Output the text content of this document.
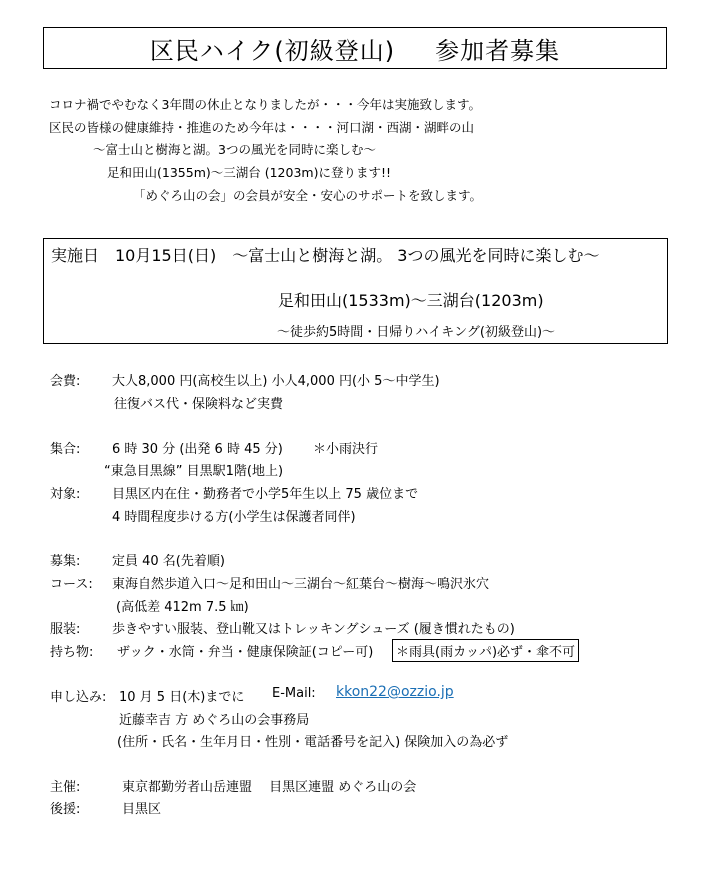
区民ハイク(初級登山) 参加者募集
コロナ禍でやむなく3年間の休止となりましたが・・・今年は実施致します。
区民の皆様の健康維持・推進のため今年は・・・・河口湖・西湖・湖畔の山
～富士山と樹海と湖。3つの風光を同時に楽しむ～
足和田山(1355m)～三湖台 (1203m)に登ります!!
「めぐろ山の会」の会員が安全・安心のサポートを致します。
実施日　10月15日(日)　～富士山と樹海と湖。 3つの風光を同時に楽しむ～
足和田山(1533m)～三湖台(1203m)
～徒歩約5時間・日帰りハイキング(初級登山)～
会費: 大人8,000 円(高校生以上) 小人4,000 円(小 5～中学生)
往復バス代・保険料など実費
集合: 6 時 30 分 (出発 6 時 45 分)　　 ＊小雨決行
“東急目黒線” 目黒駅1階(地上)
対象: 目黒区内在住・勤務者で小学5年生以上 75 歳位まで
4 時間程度歩ける方(小学生は保護者同伴)
募集: 定員 40 名(先着順)
コース: 東海自然歩道入口～足和田山～三湖台～紅葉台～樹海～鳴沢氷穴
(高低差 412m 7.5 ㎞)
服装: 歩きやすい服装、登山靴又はトレッキングシューズ (履き慣れたもの)
持ち物: ザック・水筒・弁当・健康保険証(コピー可)	＊雨具(雨カッパ)必ず・傘不可
申し込み: 10 月 5 日(木)までに E-Mail: kkon22@ozzio.jp
近藤幸吉 方 めぐろ山の会事務局
(住所・氏名・生年月日・性別・電話番号を記入) 保険加入の為必ず
主催:	東京都勤労者山岳連盟　 目黒区連盟 めぐろ山の会
後援:	目黒区
